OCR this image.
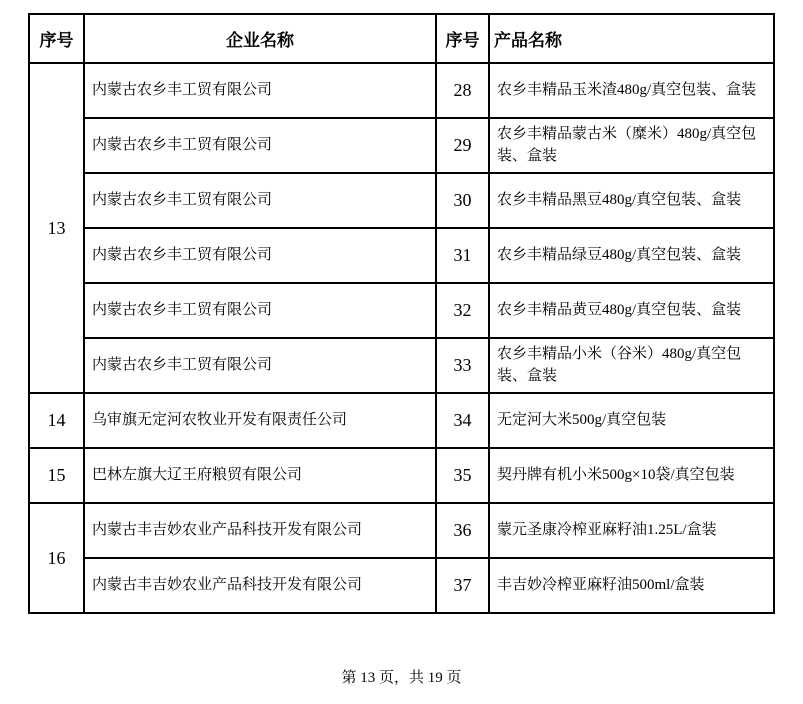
序号	企业名称	序号	产品名称
13	内蒙古农乡丰工贸有限公司	28	农乡丰精品玉米渣480g/真空包装、盒装
	内蒙古农乡丰工贸有限公司	29	农乡丰精品蒙古米（糜米）480g/真空包装、盒装
	内蒙古农乡丰工贸有限公司	30	农乡丰精品黑豆480g/真空包装、盒装
	内蒙古农乡丰工贸有限公司	31	农乡丰精品绿豆480g/真空包装、盒装
	内蒙古农乡丰工贸有限公司	32	农乡丰精品黄豆480g/真空包装、盒装
	内蒙古农乡丰工贸有限公司	33	农乡丰精品小米（谷米）480g/真空包装、盒装
14	乌审旗无定河农牧业开发有限责任公司	34	无定河大米500g/真空包装
15	巴林左旗大辽王府粮贸有限公司	35	契丹牌有机小米500g×10袋/真空包装
16	内蒙古丰吉妙农业产品科技开发有限公司	36	蒙元圣康冷榨亚麻籽油1.25L/盒装
	内蒙古丰吉妙农业产品科技开发有限公司	37	丰吉妙冷榨亚麻籽油500ml/盒装
第 13 页，共 19 页
